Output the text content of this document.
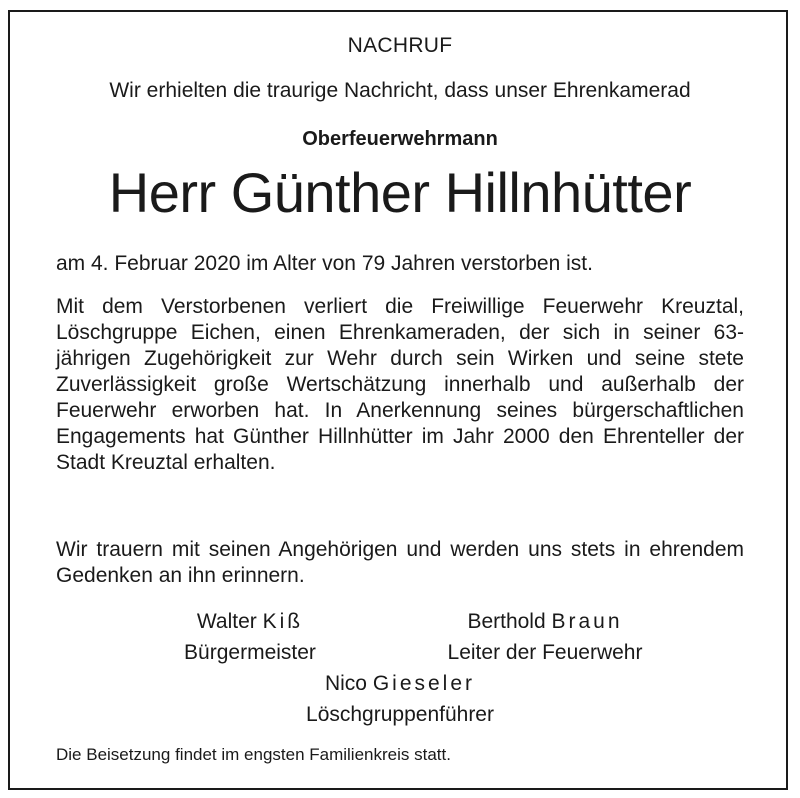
NACHRUF
Wir erhielten die traurige Nachricht, dass unser Ehrenkamerad
Oberfeuerwehrmann
Herr Günther Hillnhütter
am 4. Februar 2020 im Alter von 79 Jahren verstorben ist.
Mit dem Verstorbenen verliert die Freiwillige Feuerwehr Kreuztal, Löschgruppe Eichen, einen Ehrenkameraden, der sich in seiner 63-jährigen Zugehörigkeit zur Wehr durch sein Wirken und seine stete Zuverlässigkeit große Wertschätzung innerhalb und außerhalb der Feuerwehr erworben hat. In Anerkennung seines bürgerschaftlichen Engagements hat Günther Hillnhütter im Jahr 2000 den Ehrenteller der Stadt Kreuztal erhalten.
Wir trauern mit seinen Angehörigen und werden uns stets in ehrendem Gedenken an ihn erinnern.
Walter Kiß
Bürgermeister
Berthold Braun
Leiter der Feuerwehr
Nico Gieseler
Löschgruppenführer
Die Beisetzung findet im engsten Familienkreis statt.
